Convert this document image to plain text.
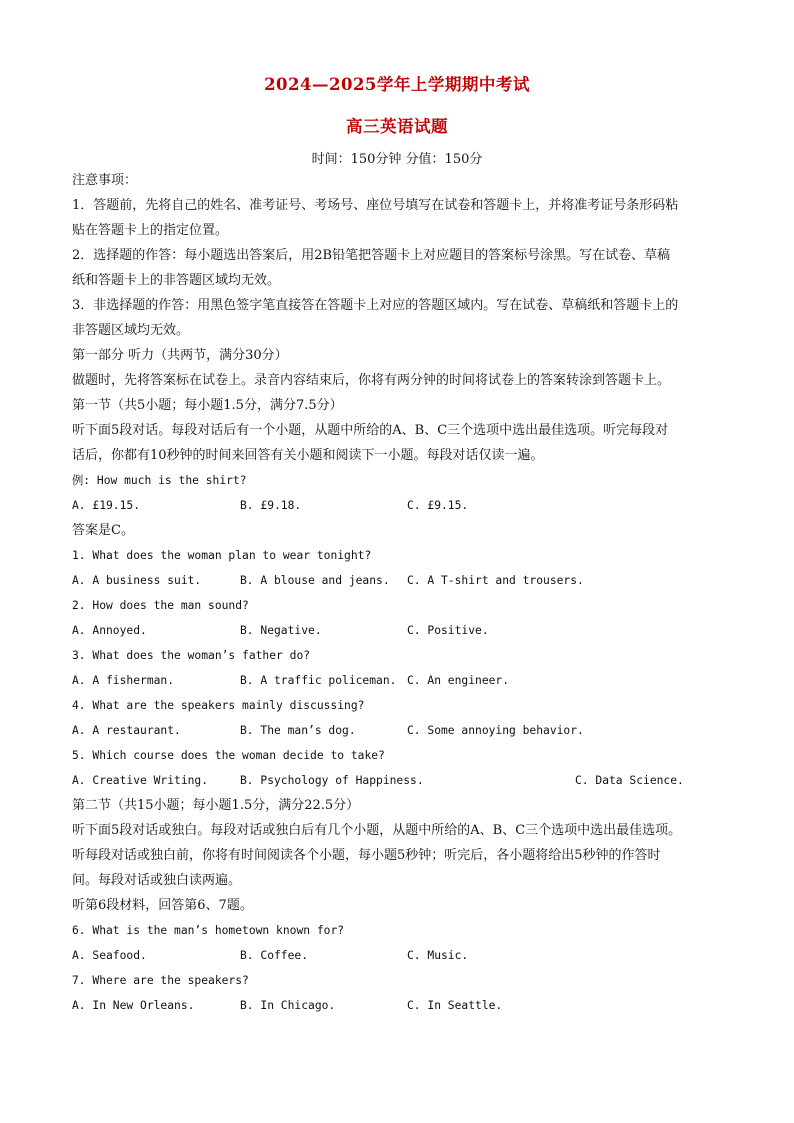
2024—2025学年上学期期中考试
高三英语试题
时间：150分钟 分值：150分
注意事项：
1．答题前，先将自己的姓名、准考证号、考场号、座位号填写在试卷和答题卡上，并将准考证号条形码粘
贴在答题卡上的指定位置。
2．选择题的作答：每小题选出答案后，用2B铅笔把答题卡上对应题目的答案标号涂黑。写在试卷、草稿
纸和答题卡上的非答题区域均无效。
3．非选择题的作答：用黑色签字笔直接答在答题卡上对应的答题区域内。写在试卷、草稿纸和答题卡上的
非答题区域均无效。
第一部分 听力（共两节，满分30分）
做题时，先将答案标在试卷上。录音内容结束后，你将有两分钟的时间将试卷上的答案转涂到答题卡上。
第一节（共5小题；每小题1.5分，满分7.5分）
听下面5段对话。每段对话后有一个小题，从题中所给的A、B、C三个选项中选出最佳选项。听完每段对
话后，你都有10秒钟的时间来回答有关小题和阅读下一小题。每段对话仅读一遍。
例: How much is the shirt?
A. £19.15.	B. £9.18.	C. £9.15.
答案是C。
1. What does the woman plan to wear tonight?
A. A business suit.	B. A blouse and jeans. C. A T-shirt and trousers.
2. How does the man sound?
A. Annoyed.	B. Negative.	C. Positive.
3. What does the woman’s father do?
A. A fisherman.	B. A traffic policeman. C. An engineer.
4. What are the speakers mainly discussing?
A. A restaurant.	B. The man’s dog.	C. Some annoying behavior.
5. Which course does the woman decide to take?
A. Creative Writing.	B. Psychology of Happiness.	C. Data Science.
第二节（共15小题；每小题1.5分，满分22.5分）
听下面5段对话或独白。每段对话或独白后有几个小题，从题中所给的A、B、C三个选项中选出最佳选项。
听每段对话或独白前，你将有时间阅读各个小题，每小题5秒钟；听完后，各小题将给出5秒钟的作答时
间。每段对话或独白读两遍。
听第6段材料，回答第6、7题。
6. What is the man’s hometown known for?
A. Seafood.	B. Coffee.	C. Music.
7. Where are the speakers?
A. In New Orleans.	B. In Chicago.	C. In Seattle.
